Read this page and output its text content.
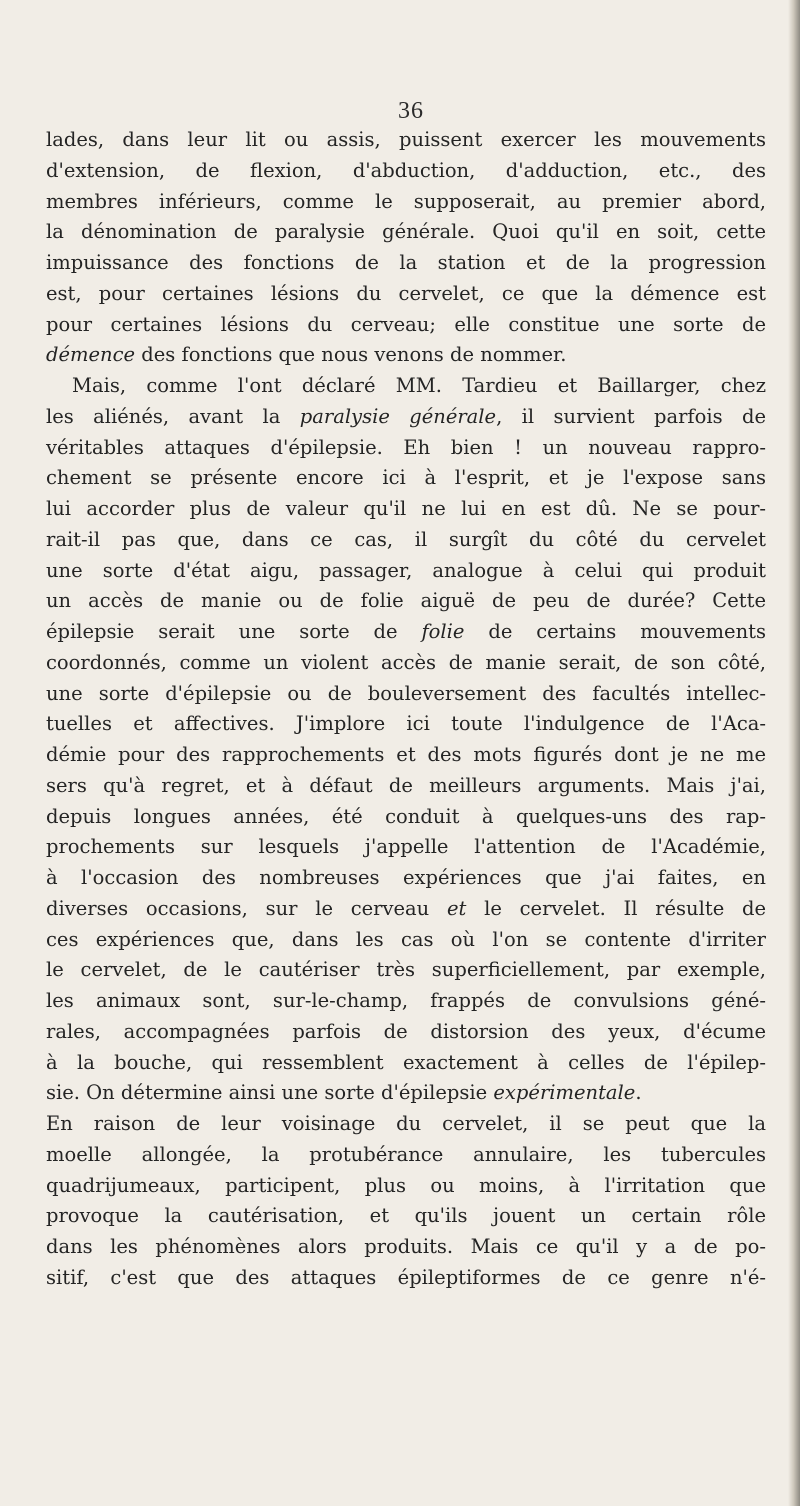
36
lades, dans leur lit ou assis, puissent exercer les mouvements
d'extension, de flexion, d'abduction, d'adduction, etc., des
membres inférieurs, comme le supposerait, au premier abord,
la dénomination de paralysie générale. Quoi qu'il en soit, cette
impuissance des fonctions de la station et de la progression
est, pour certaines lésions du cervelet, ce que la démence est
pour certaines lésions du cerveau; elle constitue une sorte de
démence des fonctions que nous venons de nommer.
Mais, comme l'ont déclaré MM. Tardieu et Baillarger, chez
les aliénés, avant la paralysie générale, il survient parfois de
véritables attaques d'épilepsie. Eh bien ! un nouveau rappro-
chement se présente encore ici à l'esprit, et je l'expose sans
lui accorder plus de valeur qu'il ne lui en est dû. Ne se pour-
rait-il pas que, dans ce cas, il surgît du côté du cervelet
une sorte d'état aigu, passager, analogue à celui qui produit
un accès de manie ou de folie aiguë de peu de durée? Cette
épilepsie serait une sorte de folie de certains mouvements
coordonnés, comme un violent accès de manie serait, de son côté,
une sorte d'épilepsie ou de bouleversement des facultés intellec-
tuelles et affectives. J'implore ici toute l'indulgence de l'Aca-
démie pour des rapprochements et des mots figurés dont je ne me
sers qu'à regret, et à défaut de meilleurs arguments. Mais j'ai,
depuis longues années, été conduit à quelques-uns des rap-
prochements sur lesquels j'appelle l'attention de l'Académie,
à l'occasion des nombreuses expériences que j'ai faites, en
diverses occasions, sur le cerveau et le cervelet. Il résulte de
ces expériences que, dans les cas où l'on se contente d'irriter
le cervelet, de le cautériser très superficiellement, par exemple,
les animaux sont, sur-le-champ, frappés de convulsions géné-
rales, accompagnées parfois de distorsion des yeux, d'écume
à la bouche, qui ressemblent exactement à celles de l'épilep-
sie. On détermine ainsi une sorte d'épilepsie expérimentale.
En raison de leur voisinage du cervelet, il se peut que la
moelle allongée, la protubérance annulaire, les tubercules
quadrijumeaux, participent, plus ou moins, à l'irritation que
provoque la cautérisation, et qu'ils jouent un certain rôle
dans les phénomènes alors produits. Mais ce qu'il y a de po-
sitif, c'est que des attaques épileptiformes de ce genre n'é-
